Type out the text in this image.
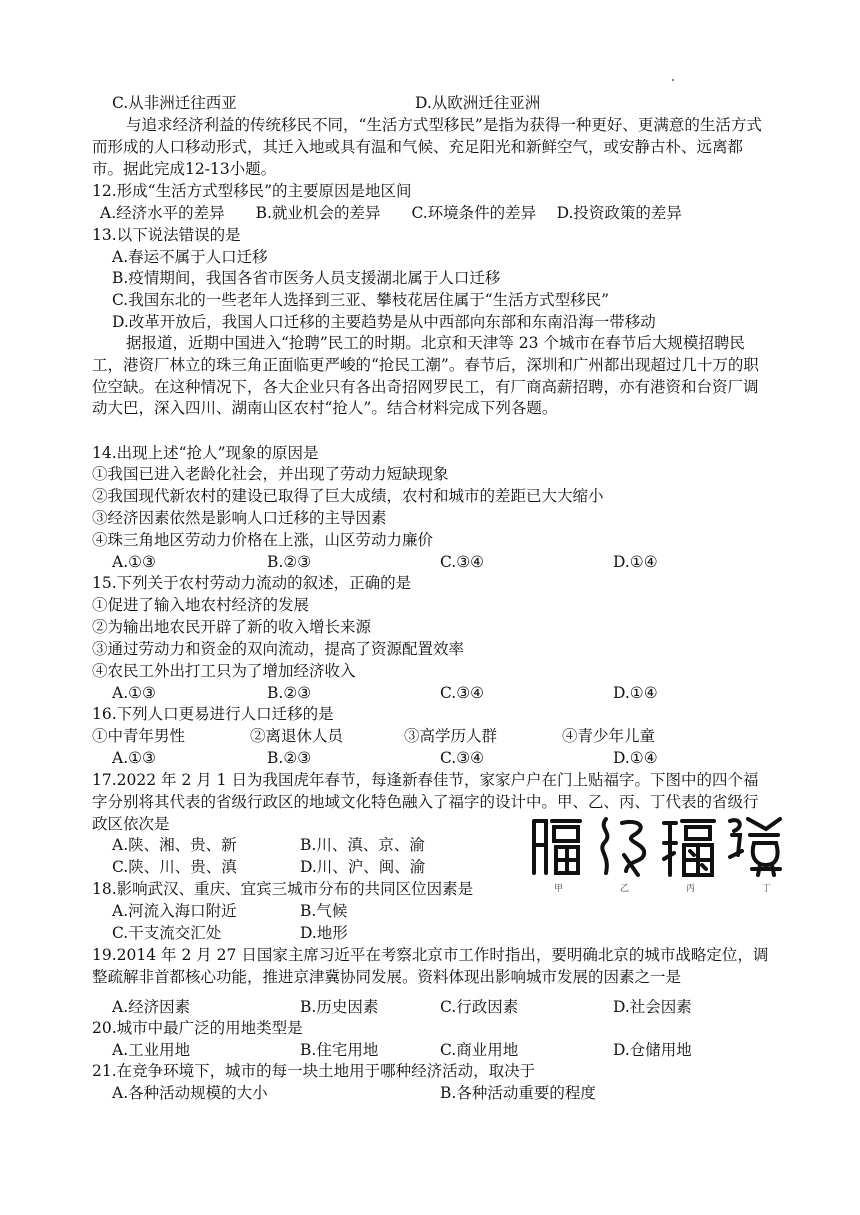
C.从非洲迁往西亚	D.从欧洲迁往亚洲
与追求经济利益的传统移民不同，“生活方式型移民”是指为获得一种更好、更满意的生活方式而形成的人口移动形式，其迁入地或具有温和气候、充足阳光和新鲜空气，或安静古朴、远离都市。据此完成12-13小题。
12.形成“生活方式型移民”的主要原因是地区间
A.经济水平的差异　　B.就业机会的差异　　C.环境条件的差异　 D.投资政策的差异
13.以下说法错误的是
A.春运不属于人口迁移
B.疫情期间，我国各省市医务人员支援湖北属于人口迁移
C.我国东北的一些老年人选择到三亚、攀枝花居住属于“生活方式型移民”
D.改革开放后，我国人口迁移的主要趋势是从中西部向东部和东南沿海一带移动
据报道，近期中国进入“抢聘”民工的时期。北京和天津等 23 个城市在春节后大规模招聘民工，港资厂林立的珠三角正面临更严峻的“抢民工潮”。春节后，深圳和广州都出现超过几十万的职位空缺。在这种情况下，各大企业只有各出奇招网罗民工，有厂商高薪招聘，亦有港资和台资厂调动大巴，深入四川、湖南山区农村“抢人”。结合材料完成下列各题。
14.出现上述“抢人”现象的原因是
①我国已进入老龄化社会，并出现了劳动力短缺现象
②我国现代新农村的建设已取得了巨大成绩，农村和城市的差距已大大缩小
③经济因素依然是影响人口迁移的主导因素
④珠三角地区劳动力价格在上涨，山区劳动力廉价
A.①③	B.②③	C.③④	D.①④
15.下列关于农村劳动力流动的叙述，正确的是
①促进了输入地农村经济的发展
②为输出地农民开辟了新的收入增长来源
③通过劳动力和资金的双向流动，提高了资源配置效率
④农民工外出打工只为了增加经济收入
A.①③	B.②③	C.③④	D.①④
16.下列人口更易进行人口迁移的是
①中青年男性	②离退休人员	③高学历人群	④青少年儿童
A.①③	B.②③	C.③④	D.①④
17.2022 年 2 月 1 日为我国虎年春节，每逢新春佳节，家家户户在门上贴福字。下图中的四个福字分别将其代表的省级行政区的地域文化特色融入了福字的设计中。甲、乙、丙、丁代表的省级行政区依次是
A.陕、湘、贵、新	B.川、滇、京、渝
C.陕、川、贵、滇	D.川、沪、闽、渝
甲	乙	丙	丁
18.影响武汉、重庆、宜宾三城市分布的共同区位因素是
A.河流入海口附近	B.气候
C.干支流交汇处	D.地形
19.2014 年 2 月 27 日国家主席习近平在考察北京市工作时指出，要明确北京的城市战略定位，调整疏解非首都核心功能，推进京津冀协同发展。资料体现出影响城市发展的因素之一是
A.经济因素	B.历史因素	C.行政因素	D.社会因素
20.城市中最广泛的用地类型是
A.工业用地	B.住宅用地	C.商业用地	D.仓储用地
21.在竞争环境下，城市的每一块土地用于哪种经济活动，取决于
A.各种活动规模的大小	B.各种活动重要的程度
